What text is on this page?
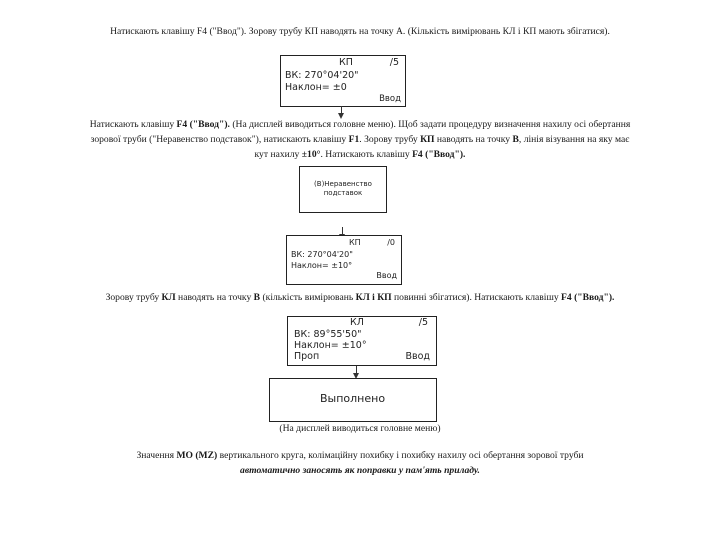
Натискають клавішу F4 ("Ввод"). Зорову трубу КП наводять на точку A. (Кількість вимірювань КЛ і КП мають збігатися).
КП	/5
ВК: 270°04'20"
Наклон= ±0
Ввод
Натискають клавішу F4 ("Ввод"). (На дисплей виводиться головне меню). Щоб задати процедуру визначення нахилу осі обертання
зорової труби ("Неравенство подставок"), натискають клавішу F1. Зорову трубу КП наводять на точку B, лінія візування на яку має
кут нахилу ±10°. Натискають клавішу F4 ("Ввод").
(B)Неравенство
подставок
КП	/0
ВК: 270°04'20"
Наклон= ±10°
Ввод
Зорову трубу КЛ наводять на точку B (кількість вимірювань КЛ і КП повинні збігатися). Натискають клавішу F4 ("Ввод").
КЛ	/5
ВК: 89°55'50"
Наклон= ±10°
Проп	Ввод
Выполнено
(На дисплей виводиться головне меню)
Значення MO (MZ) вертикального круга, колімаційну похибку і похибку нахилу осі обертання зорової труби
автоматично заносять як поправки у пам'ять приладу.
